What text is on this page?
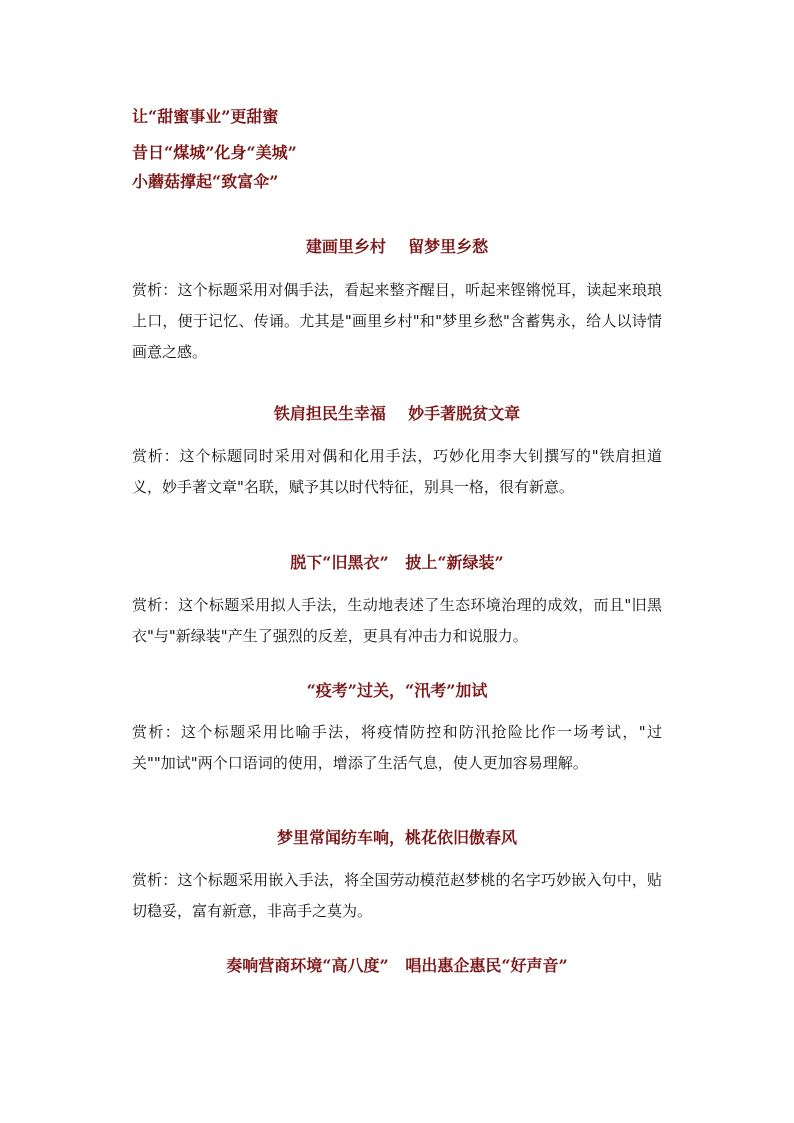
让“甜蜜事业”更甜蜜
昔日“煤城”化身“美城”
小蘑菇撑起“致富伞”
建画里乡村    留梦里乡愁
赏析：这个标题采用对偶手法，看起来整齐醒目，听起来铿锵悦耳，读起来琅琅上口，便于记忆、传诵。尤其是"画里乡村"和"梦里乡愁"含蓄隽永，给人以诗情画意之感。
铁肩担民生幸福    妙手著脱贫文章
赏析：这个标题同时采用对偶和化用手法，巧妙化用李大钊撰写的"铁肩担道义，妙手著文章"名联，赋予其以时代特征，别具一格，很有新意。
脱下“旧黑衣”   披上“新绿装”
赏析：这个标题采用拟人手法，生动地表述了生态环境治理的成效，而且"旧黑衣"与"新绿装"产生了强烈的反差，更具有冲击力和说服力。
“疫考”过关，“汛考”加试
赏析：这个标题采用比喻手法，将疫情防控和防汛抢险比作一场考试，"过关""加试"两个口语词的使用，增添了生活气息，使人更加容易理解。
梦里常闻纺车响，桃花依旧傲春风
赏析：这个标题采用嵌入手法，将全国劳动模范赵梦桃的名字巧妙嵌入句中，贴切稳妥，富有新意，非高手之莫为。
奏响营商环境“高八度”   唱出惠企惠民“好声音”
